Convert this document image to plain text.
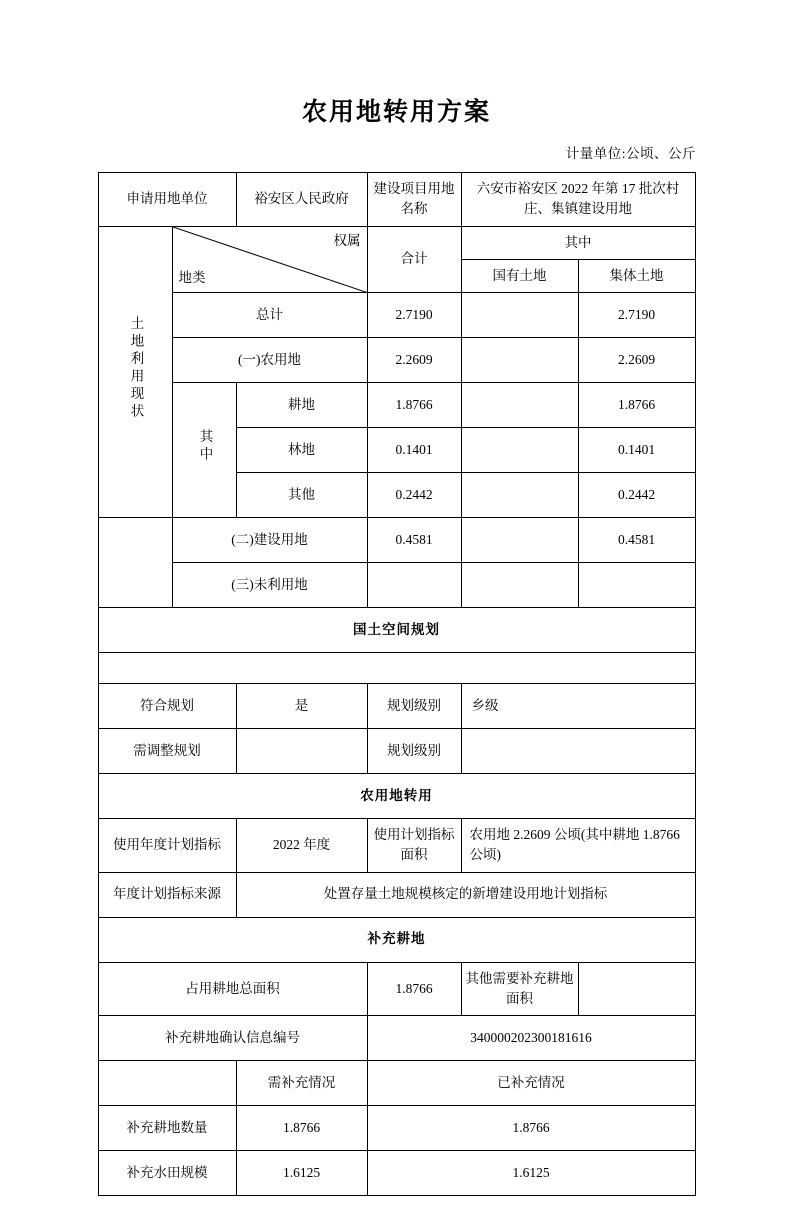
农用地转用方案
计量单位:公顷、公斤
申请用地单位		裕安区人民政府	建设项目用地名称	六安市裕安区 2022 年第 17 批次村庄、集镇建设用地	
土地利用现状	权属
地类		合计	其中	
				国有土地	集体土地
	总计		2.7190		2.7190
	(一)农用地		2.2609		2.2609
	其中	耕地	1.8766		1.8766
		林地	0.1401		0.1401
		其他	0.2442		0.2442
	(二)建设用地		0.4581		0.4581
	(三)未利用地				
国土空间规划					

符合规划		是	规划级别	乡级	
需调整规划			规划级别		
农用地转用					
使用年度计划指标		2022 年度	使用计划指标面积	农用地 2.2609 公顷(其中耕地 1.8766 公顷)	
年度计划指标来源		处置存量土地规模核定的新增建设用地计划指标			
补充耕地					
占用耕地总面积			1.8766	其他需要补充耕地面积	
补充耕地确认信息编号			340000202300181616		
		需补充情况	已补充情况		
补充耕地数量		1.8766	1.8766		
补充水田规模		1.6125	1.6125		
